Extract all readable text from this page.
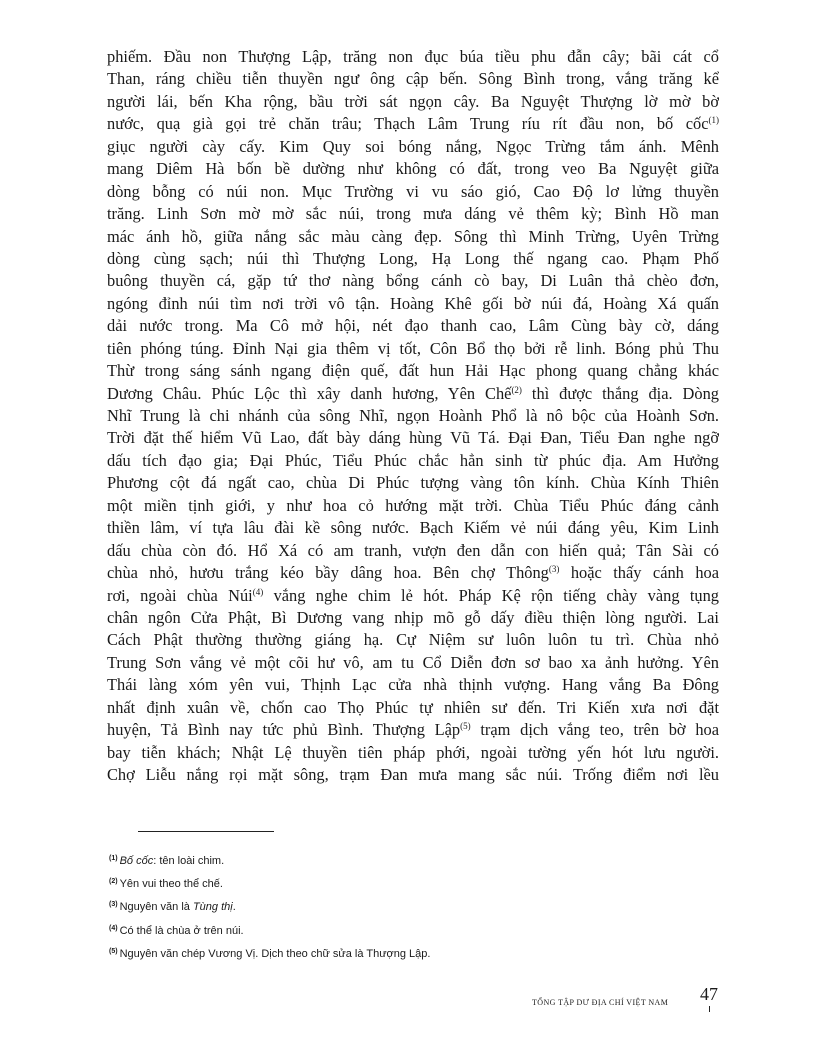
phiếm. Đầu non Thượng Lập, trăng non đục búa tiều phu đẫn cây; bãi cát cổ
Than, ráng chiều tiễn thuyền ngư ông cập bến. Sông Bình trong, vắng trăng kể
người lái, bến Kha rộng, bầu trời sát ngọn cây. Ba Nguyệt Thượng lờ mờ bờ
nước, quạ già gọi trẻ chăn trâu; Thạch Lâm Trung ríu rít đầu non, bố cốc$^{(1)}$
giục người cày cấy. Kim Quy soi bóng nắng, Ngọc Trừng tắm ánh. Mênh
mang Diêm Hà bốn bề dường như không có đất, trong veo Ba Nguyệt giữa
dòng bỗng có núi non. Mục Trường vi vu sáo gió, Cao Độ lơ lửng thuyền
trăng. Linh Sơn mờ mờ sắc núi, trong mưa dáng vẻ thêm kỳ; Bình Hồ man
mác ánh hồ, giữa nắng sắc màu càng đẹp. Sông thì Minh Trừng, Uyên Trừng
dòng cùng sạch; núi thì Thượng Long, Hạ Long thế ngang cao. Phạm Phố
buông thuyền cá, gặp tứ thơ nàng bổng cánh cò bay, Di Luân thả chèo đơn,
ngóng đỉnh núi tìm nơi trời vô tận. Hoàng Khê gối bờ núi đá, Hoàng Xá quấn
dải nước trong. Ma Cô mở hội, nét đạo thanh cao, Lâm Cùng bày cờ, dáng
tiên phóng túng. Đỉnh Nại gia thêm vị tốt, Côn Bổ thọ bởi rễ linh. Bóng phủ Thu
Thừ trong sáng sánh ngang điện quế, đất hun Hải Hạc phong quang chẳng khác
Dương Châu. Phúc Lộc thì xây danh hương, Yên Chế$^{(2)}$ thì được thắng địa. Dòng
Nhĩ Trung là chi nhánh của sông Nhĩ, ngọn Hoành Phổ là nô bộc của Hoành Sơn.
Trời đặt thế hiểm Vũ Lao, đất bày dáng hùng Vũ Tá. Đại Đan, Tiểu Đan nghe ngỡ
dấu tích đạo gia; Đại Phúc, Tiểu Phúc chắc hẳn sinh từ phúc địa. Am Hưởng
Phương cột đá ngất cao, chùa Di Phúc tượng vàng tôn kính. Chùa Kính Thiên
một miền tịnh giới, y như hoa cỏ hướng mặt trời. Chùa Tiểu Phúc đáng cảnh
thiền lâm, ví tựa lâu đài kề sông nước. Bạch Kiếm vẻ núi đáng yêu, Kim Linh
dấu chùa còn đó. Hổ Xá có am tranh, vượn đen dẫn con hiến quả; Tân Sài có
chùa nhỏ, hươu trắng kéo bầy dâng hoa. Bên chợ Thông$^{(3)}$ hoặc thấy cánh hoa
rơi, ngoài chùa Núi$^{(4)}$ vắng nghe chim lẻ hót. Pháp Kệ rộn tiếng chày vàng tụng
chân ngôn Cửa Phật, Bì Dương vang nhịp mõ gỗ dấy điều thiện lòng người. Lai
Cách Phật thường thường giáng hạ. Cự Niệm sư luôn luôn tu trì. Chùa nhỏ
Trung Sơn vắng vẻ một cõi hư vô, am tu Cổ Diễn đơn sơ bao xa ảnh hưởng. Yên
Thái làng xóm yên vui, Thịnh Lạc cửa nhà thịnh vượng. Hang vắng Ba Đông
nhất định xuân về, chốn cao Thọ Phúc tự nhiên sư đến. Tri Kiến xưa nơi đặt
huyện, Tả Bình nay tức phủ Bình. Thượng Lập$^{(5)}$ trạm dịch vắng teo, trên bờ hoa
bay tiễn khách; Nhật Lệ thuyền tiên pháp phới, ngoài tường yến hót lưu người.
Chợ Liễu nắng rọi mặt sông, trạm Đan mưa mang sắc núi. Trống điểm nơi lều
$^{(1)}$ Bố cốc: tên loài chim.
$^{(2)}$ Yên vui theo thể chế.
$^{(3)}$ Nguyên văn là Tùng thị.
$^{(4)}$ Có thể là chùa ở trên núi.
$^{(5)}$ Nguyên văn chép Vương Vị. Dịch theo chữ sửa là Thượng Lập.
TỔNG TẬP DƯ ĐỊA CHÍ VIỆT NAM 47
